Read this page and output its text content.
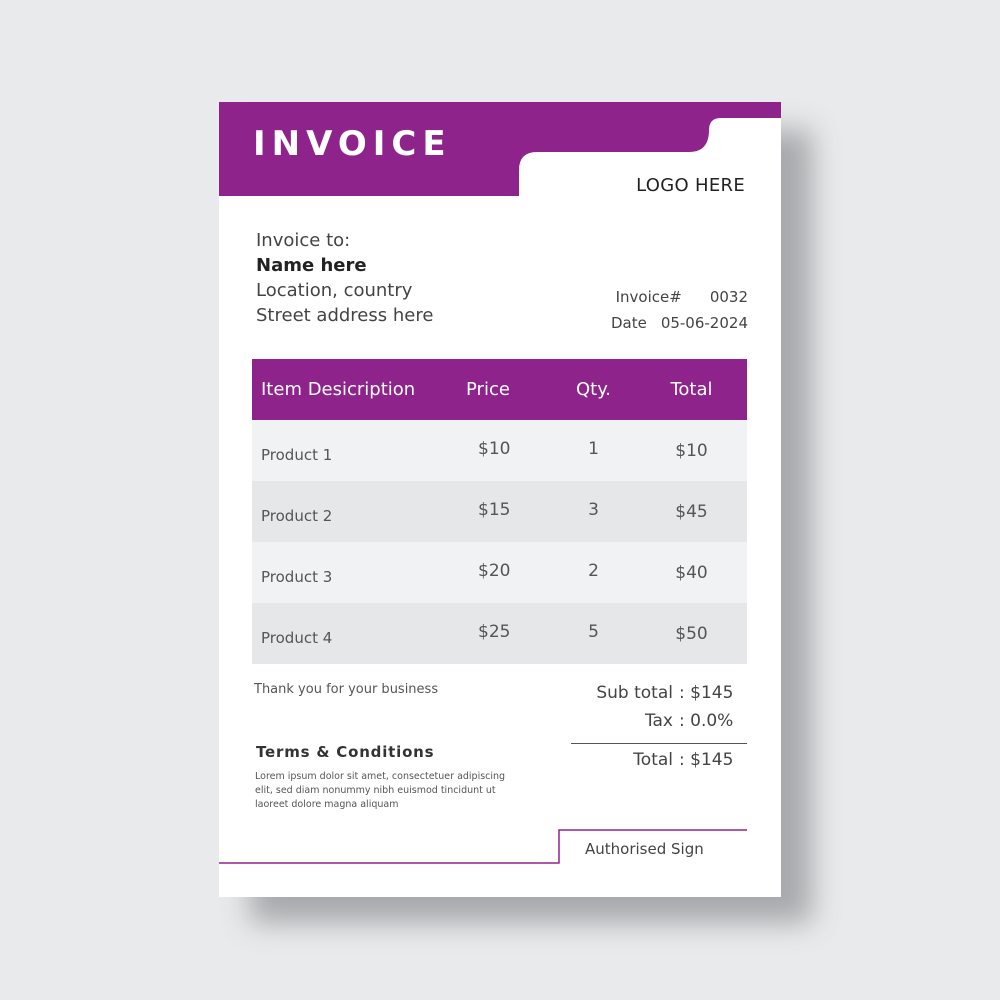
INVOICE
LOGO HERE
Invoice to:
Name here
Location, country
Street address here
Invoice# 0032
Date 05-06-2024
Item Desicription	Price	Qty.	Total
Product 1	$10	1	$10
Product 2	$15	3	$45
Product 3	$20	2	$40
Product 4	$25	5	$50
Thank you for your business	Sub total : $145
Tax : 0.0%
Total : $145
Terms & Conditions
Lorem ipsum dolor sit amet, consectetuer adipiscing elit, sed diam nonummy nibh euismod tincidunt ut laoreet dolore magna aliquam
Authorised Sign
